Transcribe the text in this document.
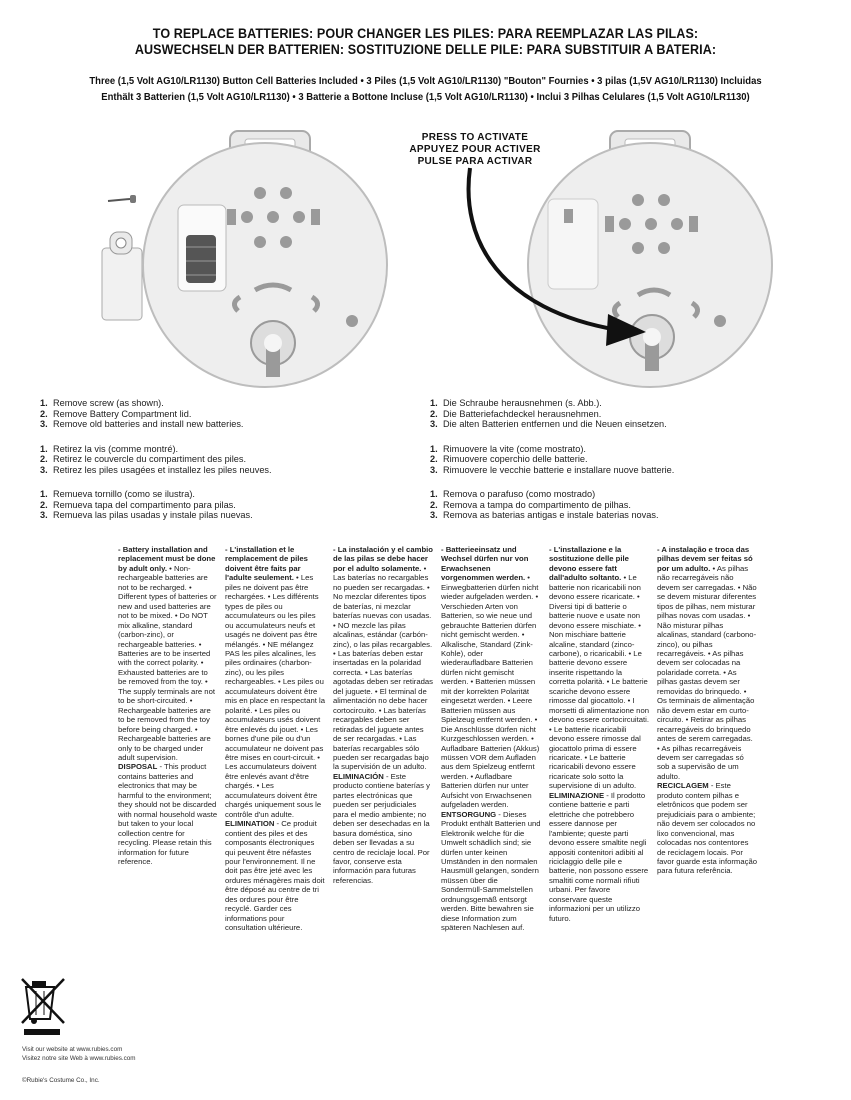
TO REPLACE BATTERIES: POUR CHANGER LES PILES: PARA REEMPLAZAR LAS PILAS:
AUSWECHSELN DER BATTERIEN: SOSTITUZIONE DELLE PILE: PARA SUBSTITUIR A BATERIA:
Three (1,5 Volt AG10/LR1130) Button Cell Batteries Included • 3 Piles (1,5 Volt AG10/LR1130) "Bouton" Fournies • 3 pilas (1,5V AG10/LR1130) Incluidas
Enthält 3 Batterien (1,5 Volt AG10/LR1130) • 3 Batterie a Bottone Incluse (1,5 Volt AG10/LR1130) • Inclui 3 Pilhas Celulares (1,5 Volt AG10/LR1130)
PRESS TO ACTIVATE
APPUYEZ POUR ACTIVER
PULSE PARA ACTIVAR
1. Remove screw (as shown).
2. Remove Battery Compartment lid.
3. Remove old batteries and install new batteries.
1. Retirez la vis (comme montré).
2. Retirez le couvercle du compartiment des piles.
3. Retirez les piles usagées et installez les piles neuves.
1. Remueva tornillo (como se ilustra).
2. Remueva tapa del compartimento para pilas.
3. Remueva las pilas usadas y instale pilas nuevas.
1. Die Schraube herausnehmen (s. Abb.).
2. Die Batteriefachdeckel herausnehmen.
3. Die alten Batterien entfernen und die Neuen einsetzen.
1. Rimuovere la vite (come mostrato).
2. Rimuovere coperchio delle batterie.
3. Rimuovere le vecchie batterie e installare nuove batterie.
1. Remova o parafuso (como mostrado)
2. Remova a tampa do compartimento de pilhas.
3. Remova as baterias antigas e instale baterias novas.

- Battery installation and replacement must be done by adult only. • Non-rechargeable batteries are not to be recharged. • Different types of batteries or new and used batteries are not to be mixed. • Do NOT mix alkaline, standard (carbon-zinc), or rechargeable batteries. • Batteries are to be inserted with the correct polarity. • Exhausted batteries are to be removed from the toy. • The supply terminals are not to be short-circuited. • Rechargeable batteries are to be removed from the toy before being charged. • Rechargeable batteries are only to be charged under adult supervision.

DISPOSAL - This product contains batteries and electronics that may be harmful to the environment; they should not be discarded with normal household waste but taken to your local collection centre for recycling. Please retain this information for future reference.

- L'installation et le remplacement de piles doivent être faits par l'adulte seulement. • Les piles ne doivent pas être rechargées. • Les différents types de piles ou accumulateurs ou les piles ou accumulateurs neufs et usagés ne doivent pas être mélangés. • NE mélangez PAS les piles alcalines, les piles ordinaires (charbon-zinc), ou les piles rechargeables. • Les piles ou accumulateurs doivent être mis en place en respectant la polarité. • Les piles ou accumulateurs usés doivent être enlevés du jouet. • Les bornes d'une pile ou d'un accumulateur ne doivent pas être mises en court-circuit. • Les accumulateurs doivent être enlevés avant d'être chargés. • Les accumulateurs doivent être chargés uniquement sous le contrôle d'un adulte.

ELIMINATION - Ce produit contient des piles et des composants électroniques qui peuvent être néfastes pour l'environnement. Il ne doit pas être jeté avec les ordures ménagères mais doit être déposé au centre de tri des ordures pour être recyclé. Garder ces informations pour consultation ultérieure.

- La instalación y el cambio de las pilas se debe hacer por el adulto solamente. • Las baterías no recargables no pueden ser recargadas. • No mezclar diferentes tipos de baterías, ni mezclar baterías nuevas con usadas. • NO mezcle las pilas alcalinas, estándar (carbón-zinc), o las pilas recargables. • Las baterías deben estar insertadas en la polaridad correcta. • Las baterías agotadas deben ser retiradas del juguete. • El terminal de alimentación no debe hacer cortocircuito. • Las baterías recargables deben ser retiradas del juguete antes de ser recargadas. • Las baterías recargables sólo pueden ser recargadas bajo la supervisión de un adulto.

ELIMINACIÓN - Este producto contiene baterías y partes electrónicas que pueden ser perjudiciales para el medio ambiente; no deben ser desechadas en la basura doméstica, sino deben ser llevadas a su centro de reciclaje local. Por favor, conserve esta información para futuras referencias.

- Batterieeinsatz und Wechsel dürfen nur von Erwachsenen vorgenommen werden. • Einwegbatterien dürfen nicht wieder aufgeladen werden. • Verschieden Arten von Batterien, so wie neue und gebrauchte Batterien dürfen nicht gemischt werden. • Alkalische, Standard (Zink-Kohle), oder wiederaufladbare Batterien dürfen nicht gemischt werden. • Batterien müssen mit der korrekten Polarität eingesetzt werden. • Leere Batterien müssen aus Spielzeug entfernt werden. • Die Anschlüsse dürfen nicht Kurzgeschlossen werden. • Aufladbare Batterien (Akkus) müssen VOR dem Aufladen aus dem Spielzeug entfernt werden. • Aufladbare Batterien dürfen nur unter Aufsicht von Erwachsenen aufgeladen werden.

ENTSORGUNG - Dieses Produkt enthält Batterien und Elektronik welche für die Umwelt schädlich sind; sie dürfen unter keinen Umständen in den normalen Hausmüll gelangen, sondern müssen über die Sondermüll-Sammelstellen ordnungsgemäß entsorgt werden. Bitte bewahren sie diese Information zum späteren Nachlesen auf.

- L'installazione e la sostituzione delle pile devono essere fatt dall'adulto soltanto. • Le batterie non ricaricabili non devono essere ricaricate. • Diversi tipi di batterie o batterie nuove e usate non devono essere mischiate. • Non mischiare batterie alcaline, standard (zinco-carbone), o ricaricabili. • Le batterie devono essere inserite rispettando la corretta polarità. • Le batterie scariche devono essere rimosse dal giocattolo. • I morsetti di alimentazione non devono essere cortocircuitati. • Le batterie ricaricabili devono essere rimosse dal giocattolo prima di essere ricaricate. • Le batterie ricaricabili devono essere ricaricate solo sotto la supervisione di un adulto.

ELIMINAZIONE - Il prodotto contiene batterie e parti elettriche che potrebbero essere dannose per l'ambiente; queste parti devono essere smaltite negli appositi contenitori adibiti al riciclaggio delle pile e batterie, non possono essere smaltiti come normali rifiuti urbani. Per favore conservare queste informazioni per un utilizzo futuro.

- A instalação e troca das pilhas devem ser feitas só por um adulto. • As pilhas não recarregáveis não devem ser carregadas. • Não se devem misturar diferentes tipos de pilhas, nem misturar pilhas novas com usadas. • Não misturar pilhas alcalinas, standard (carbono-zinco), ou pilhas recarregáveis. • As pilhas devem ser colocadas na polaridade correta. • As pilhas gastas devem ser removidas do brinquedo. • Os terminais de alimentação não devem estar em curto-circuito. • Retirar as pilhas recarregáveis do brinquedo antes de serem carregadas. • As pilhas recarregáveis devem ser carregadas só sob a supervisão de um adulto.

RECICLAGEM - Este produto contem pilhas e eletrônicos que podem ser prejudiciais para o ambiente; não devem ser colocados no lixo convencional, mas colocadas nos contentores de reciclagem locais. Por favor guarde esta informação para futura referência.

Visit our website at www.rubies.com
Visitez notre site Web à www.rubies.com
©Rubie's Costume Co., Inc.
